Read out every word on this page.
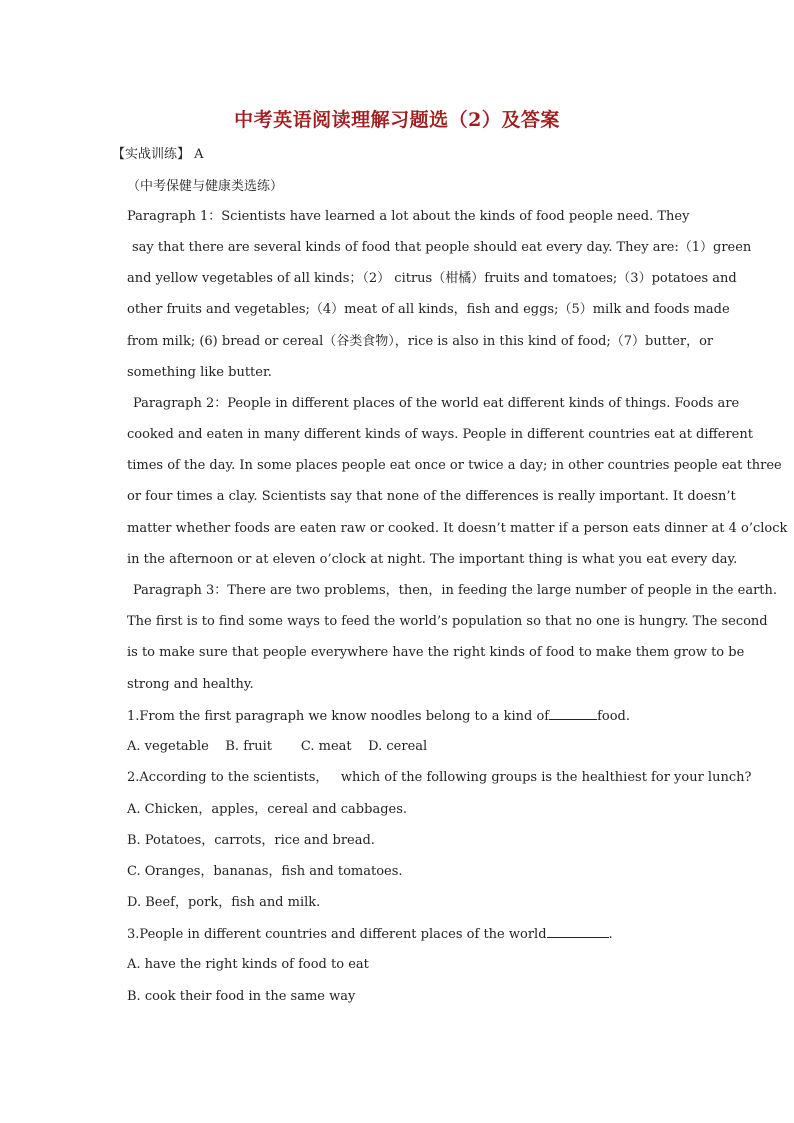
中考英语阅读理解习题选（2）及答案
【实战训练】 A
（中考保健与健康类选练）
Paragraph 1：Scientists have learned a lot about the kinds of food people need. They
say that there are several kinds of food that people should eat every day. They are:（1）green
and yellow vegetables of all kinds；（2） citrus（柑橘）fruits and tomatoes;（3）potatoes and
other fruits and vegetables;（4）meat of all kinds，fish and eggs;（5）milk and foods made
from milk; (6) bread or cereal（谷类食物），rice is also in this kind of food;（7）butter，or
something like butter.
Paragraph 2：People in different places of the world eat different kinds of things. Foods are
cooked and eaten in many different kinds of ways. People in different countries eat at different
times of the day. In some places people eat once or twice a day; in other countries people eat three
or four times a clay. Scientists say that none of the differences is really important. It doesn’t
matter whether foods are eaten raw or cooked. It doesn’t matter if a person eats dinner at 4 o’clock
in the afternoon or at eleven o’clock at night. The important thing is what you eat every day.
Paragraph 3：There are two problems，then，in feeding the large number of people in the earth.
The first is to find some ways to feed the world’s population so that no one is hungry. The second
is to make sure that people everywhere have the right kinds of food to make them grow to be
strong and healthy.
1.From the first paragraph we know noodles belong to a kind of	food.
A. vegetable    B. fruit       C. meat    D. cereal
2.According to the scientists，   which of the following groups is the healthiest for your lunch?
A. Chicken，apples，cereal and cabbages.
B. Potatoes，carrots，rice and bread.
C. Oranges，bananas，fish and tomatoes.
D. Beef，pork，fish and milk.
3.People in different countries and different places of the world	.
A. have the right kinds of food to eat
B. cook their food in the same way
